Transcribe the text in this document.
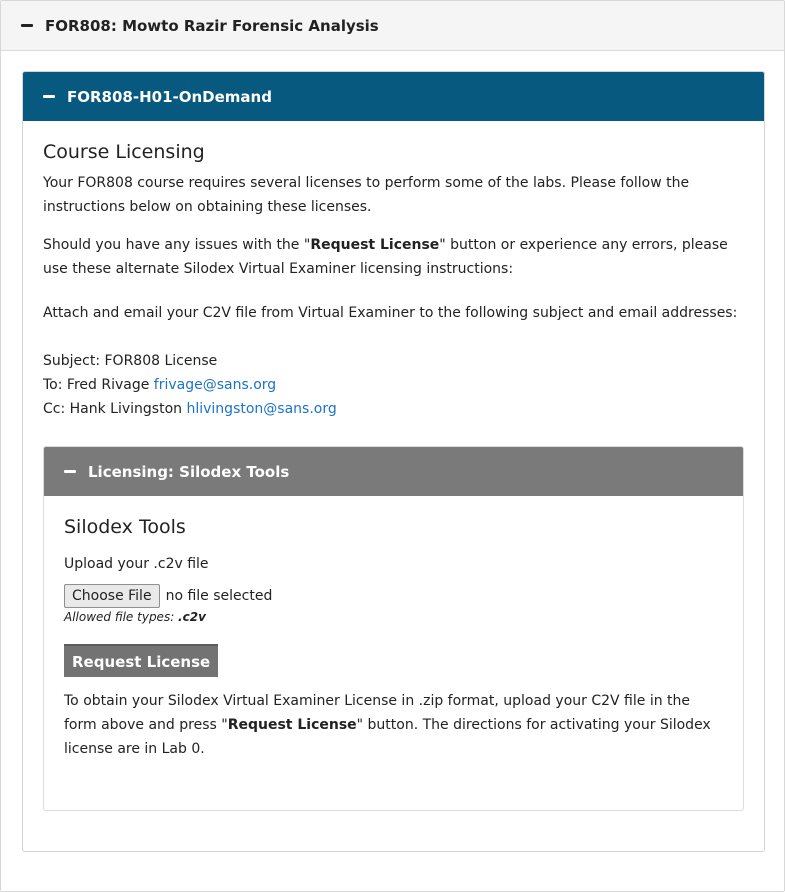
FOR808: Mowto Razir Forensic Analysis
FOR808-H01-OnDemand
Course Licensing

Your FOR808 course requires several licenses to perform some of the labs. Please follow the instructions below on obtaining these licenses.

Should you have any issues with the "Request License" button or experience any errors, please use these alternate Silodex Virtual Examiner licensing instructions:

Attach and email your C2V file from Virtual Examiner to the following subject and email addresses:

Subject: FOR808 License
To: Fred Rivage frivage@sans.org
Cc: Hank Livingston hlivingston@sans.org
Licensing: Silodex Tools
Silodex Tools
Upload your .c2v file
Choose File	no file selected
Allowed file types: .c2v
Request License
To obtain your Silodex Virtual Examiner License in .zip format, upload your C2V file in the form above and press "Request License" button. The directions for activating your Silodex license are in Lab 0.
